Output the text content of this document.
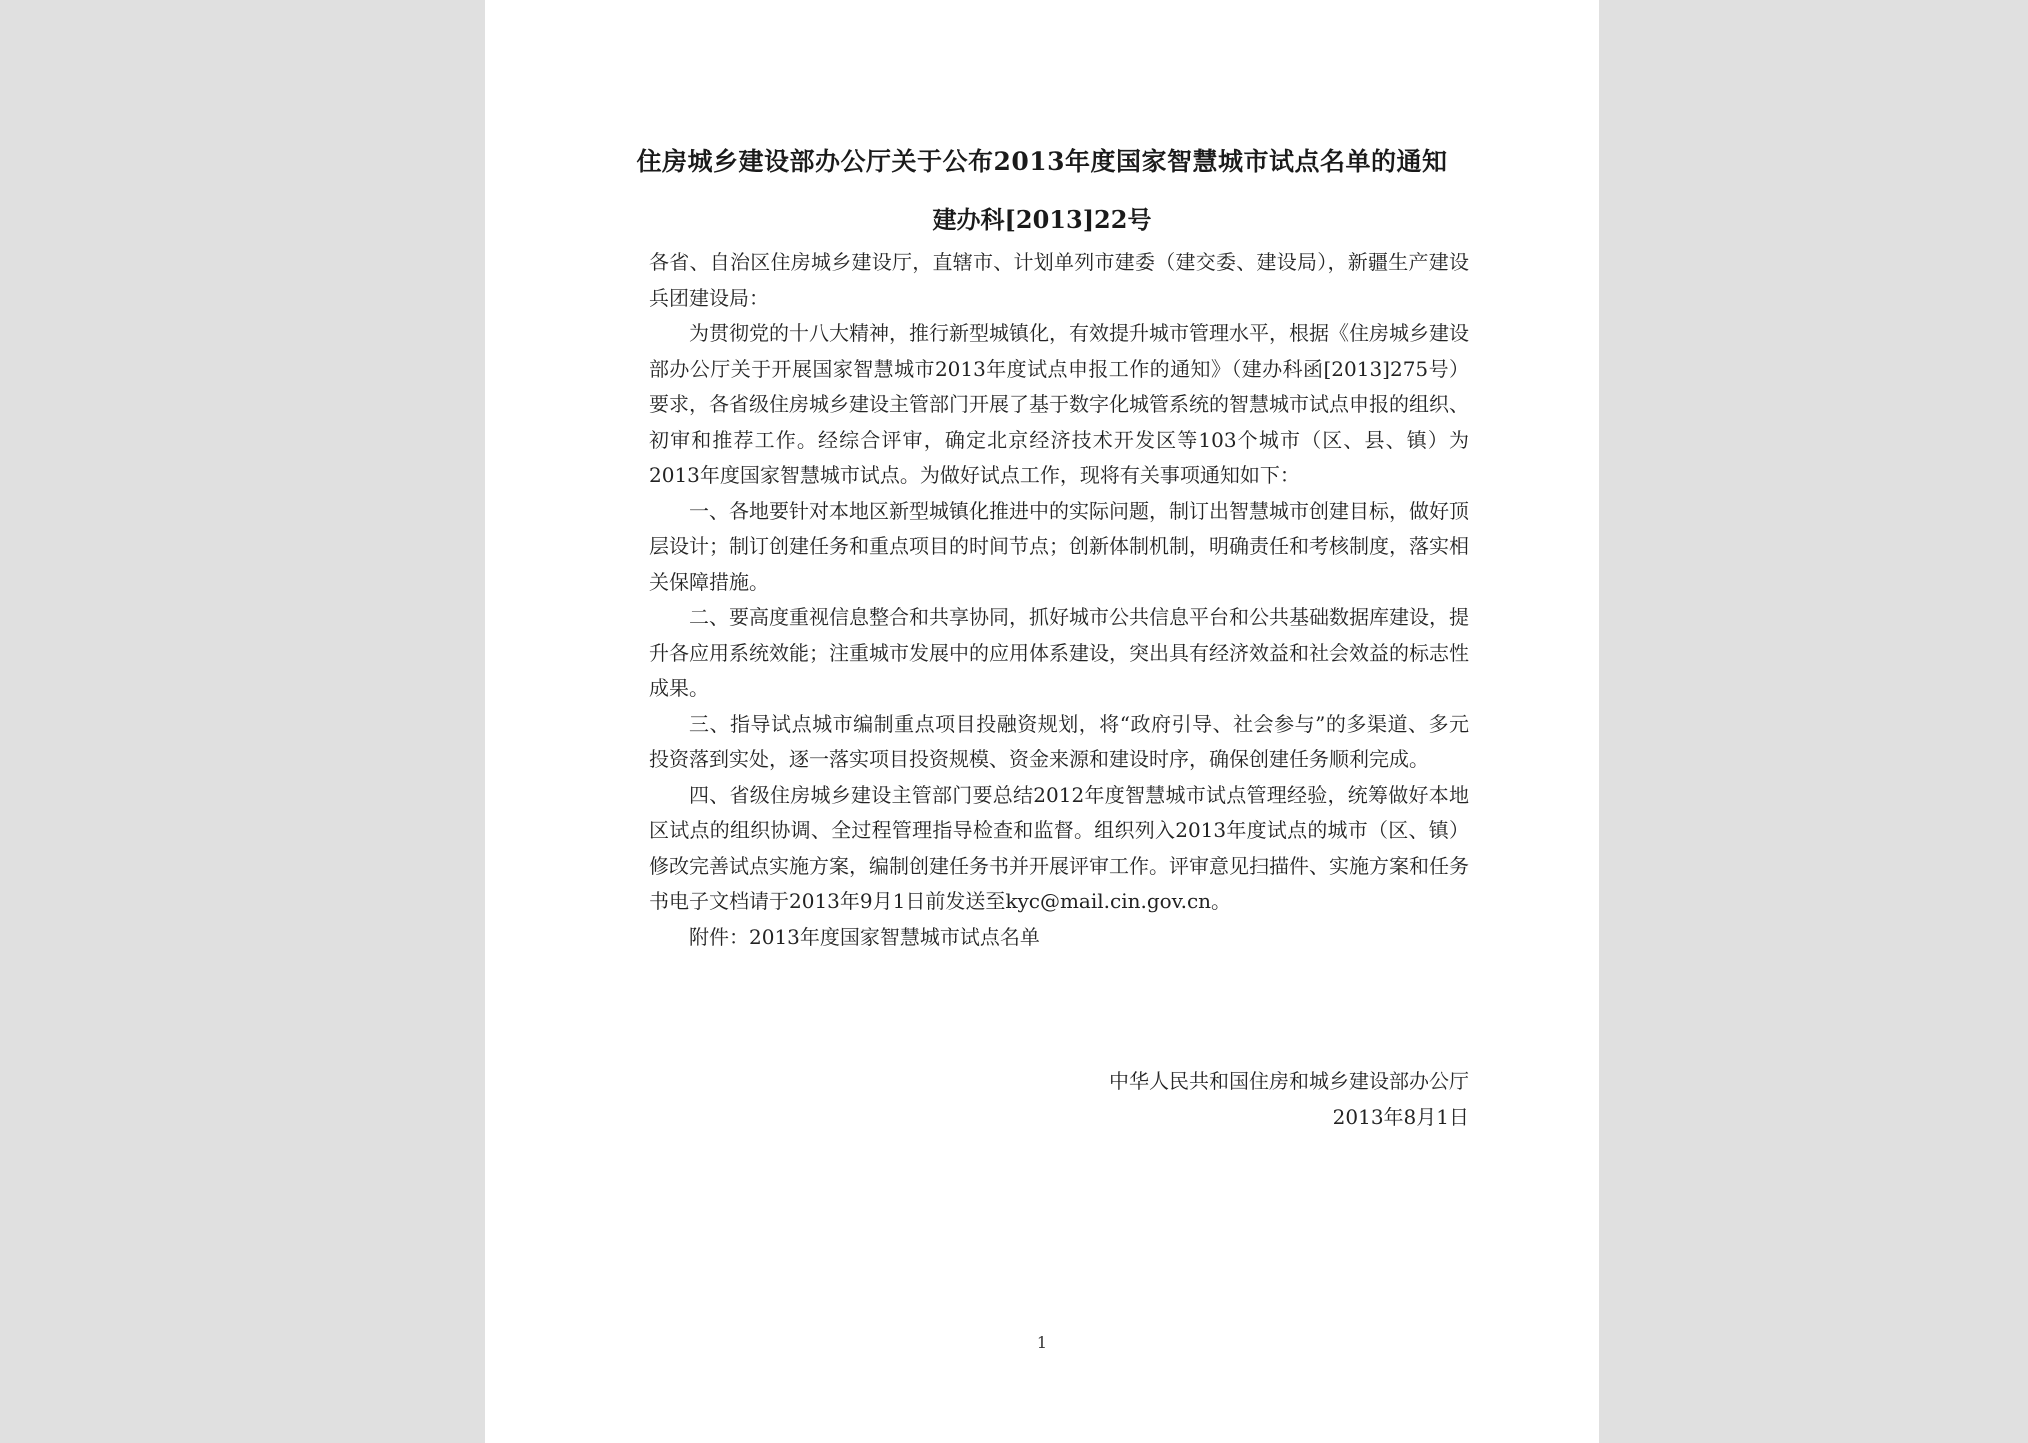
住房城乡建设部办公厅关于公布2013年度国家智慧城市试点名单的通知
建办科[2013]22号

各省、自治区住房城乡建设厅，直辖市、计划单列市建委（建交委、建设局），新疆生产建设兵团建设局：

为贯彻党的十八大精神，推行新型城镇化，有效提升城市管理水平，根据《住房城乡建设部办公厅关于开展国家智慧城市2013年度试点申报工作的通知》（建办科函[2013]275号）要求，各省级住房城乡建设主管部门开展了基于数字化城管系统的智慧城市试点申报的组织、初审和推荐工作。经综合评审，确定北京经济技术开发区等103个城市（区、县、镇）为2013年度国家智慧城市试点。为做好试点工作，现将有关事项通知如下：

一、各地要针对本地区新型城镇化推进中的实际问题，制订出智慧城市创建目标，做好顶层设计；制订创建任务和重点项目的时间节点；创新体制机制，明确责任和考核制度，落实相关保障措施。

二、要高度重视信息整合和共享协同，抓好城市公共信息平台和公共基础数据库建设，提升各应用系统效能；注重城市发展中的应用体系建设，突出具有经济效益和社会效益的标志性成果。

三、指导试点城市编制重点项目投融资规划，将“政府引导、社会参与”的多渠道、多元投资落到实处，逐一落实项目投资规模、资金来源和建设时序，确保创建任务顺利完成。

四、省级住房城乡建设主管部门要总结2012年度智慧城市试点管理经验，统筹做好本地区试点的组织协调、全过程管理指导检查和监督。组织列入2013年度试点的城市（区、镇）修改完善试点实施方案，编制创建任务书并开展评审工作。评审意见扫描件、实施方案和任务书电子文档请于2013年9月1日前发送至kyc@mail.cin.gov.cn。

附件：2013年度国家智慧城市试点名单

中华人民共和国住房和城乡建设部办公厅
2013年8月1日
1
